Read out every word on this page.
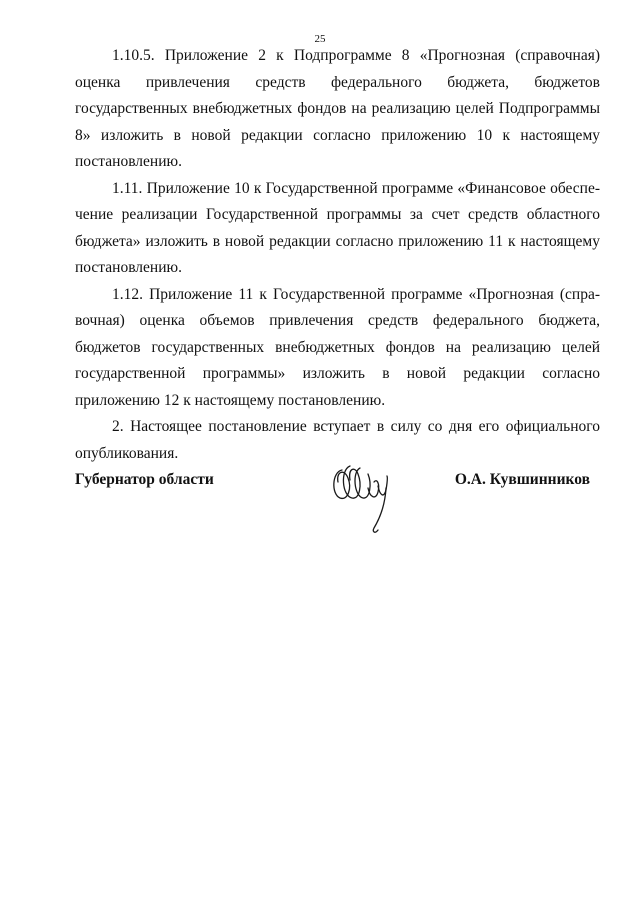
25

1.10.5. Приложение 2 к Подпрограмме 8 «Прогнозная (справочная) оценка привлечения средств федерального бюджета, бюджетов государственных внебюджетных фондов на реализацию целей Подпрограммы 8» изложить в новой редакции согласно приложению 10 к настоящему постановлению.

1.11. Приложение 10 к Государственной программе «Финансовое обеспечение реализации Государственной программы за счет средств областного бюджета» изложить в новой редакции согласно приложению 11 к настоящему постановлению.

1.12. Приложение 11 к Государственной программе «Прогнозная (справочная) оценка объемов привлечения средств федерального бюджета, бюджетов государственных внебюджетных фондов на реализацию целей государственной программы» изложить в новой редакции согласно приложению 12 к настоящему постановлению.

2. Настоящее постановление вступает в силу со дня его официального опубликования.

Губернатор области	О.А. Кувшинников
